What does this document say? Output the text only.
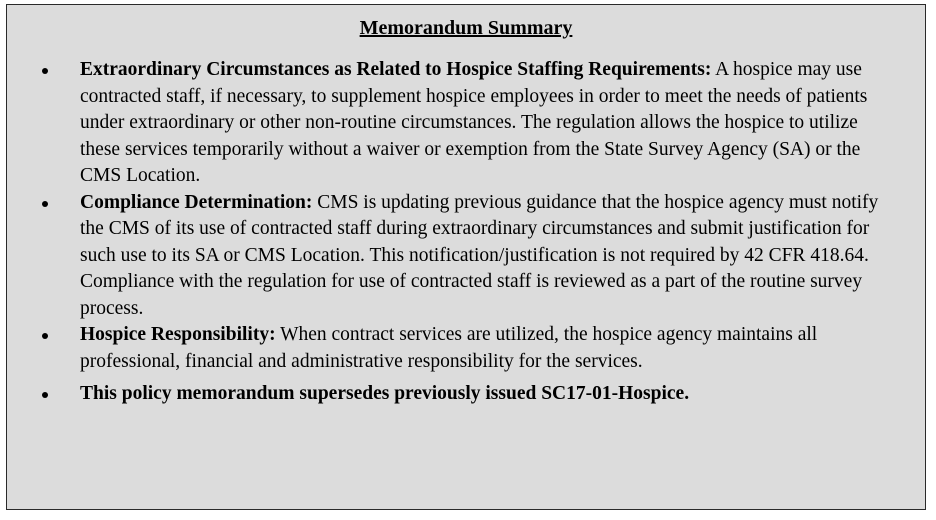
Memorandum Summary
Extraordinary Circumstances as Related to Hospice Staffing Requirements: A hospice may use contracted staff, if necessary, to supplement hospice employees in order to meet the needs of patients under extraordinary or other non-routine circumstances. The regulation allows the hospice to utilize these services temporarily without a waiver or exemption from the State Survey Agency (SA) or the CMS Location.
Compliance Determination: CMS is updating previous guidance that the hospice agency must notify the CMS of its use of contracted staff during extraordinary circumstances and submit justification for such use to its SA or CMS Location. This notification/justification is not required by 42 CFR 418.64. Compliance with the regulation for use of contracted staff is reviewed as a part of the routine survey process.
Hospice Responsibility: When contract services are utilized, the hospice agency maintains all professional, financial and administrative responsibility for the services.
This policy memorandum supersedes previously issued SC17-01-Hospice.
